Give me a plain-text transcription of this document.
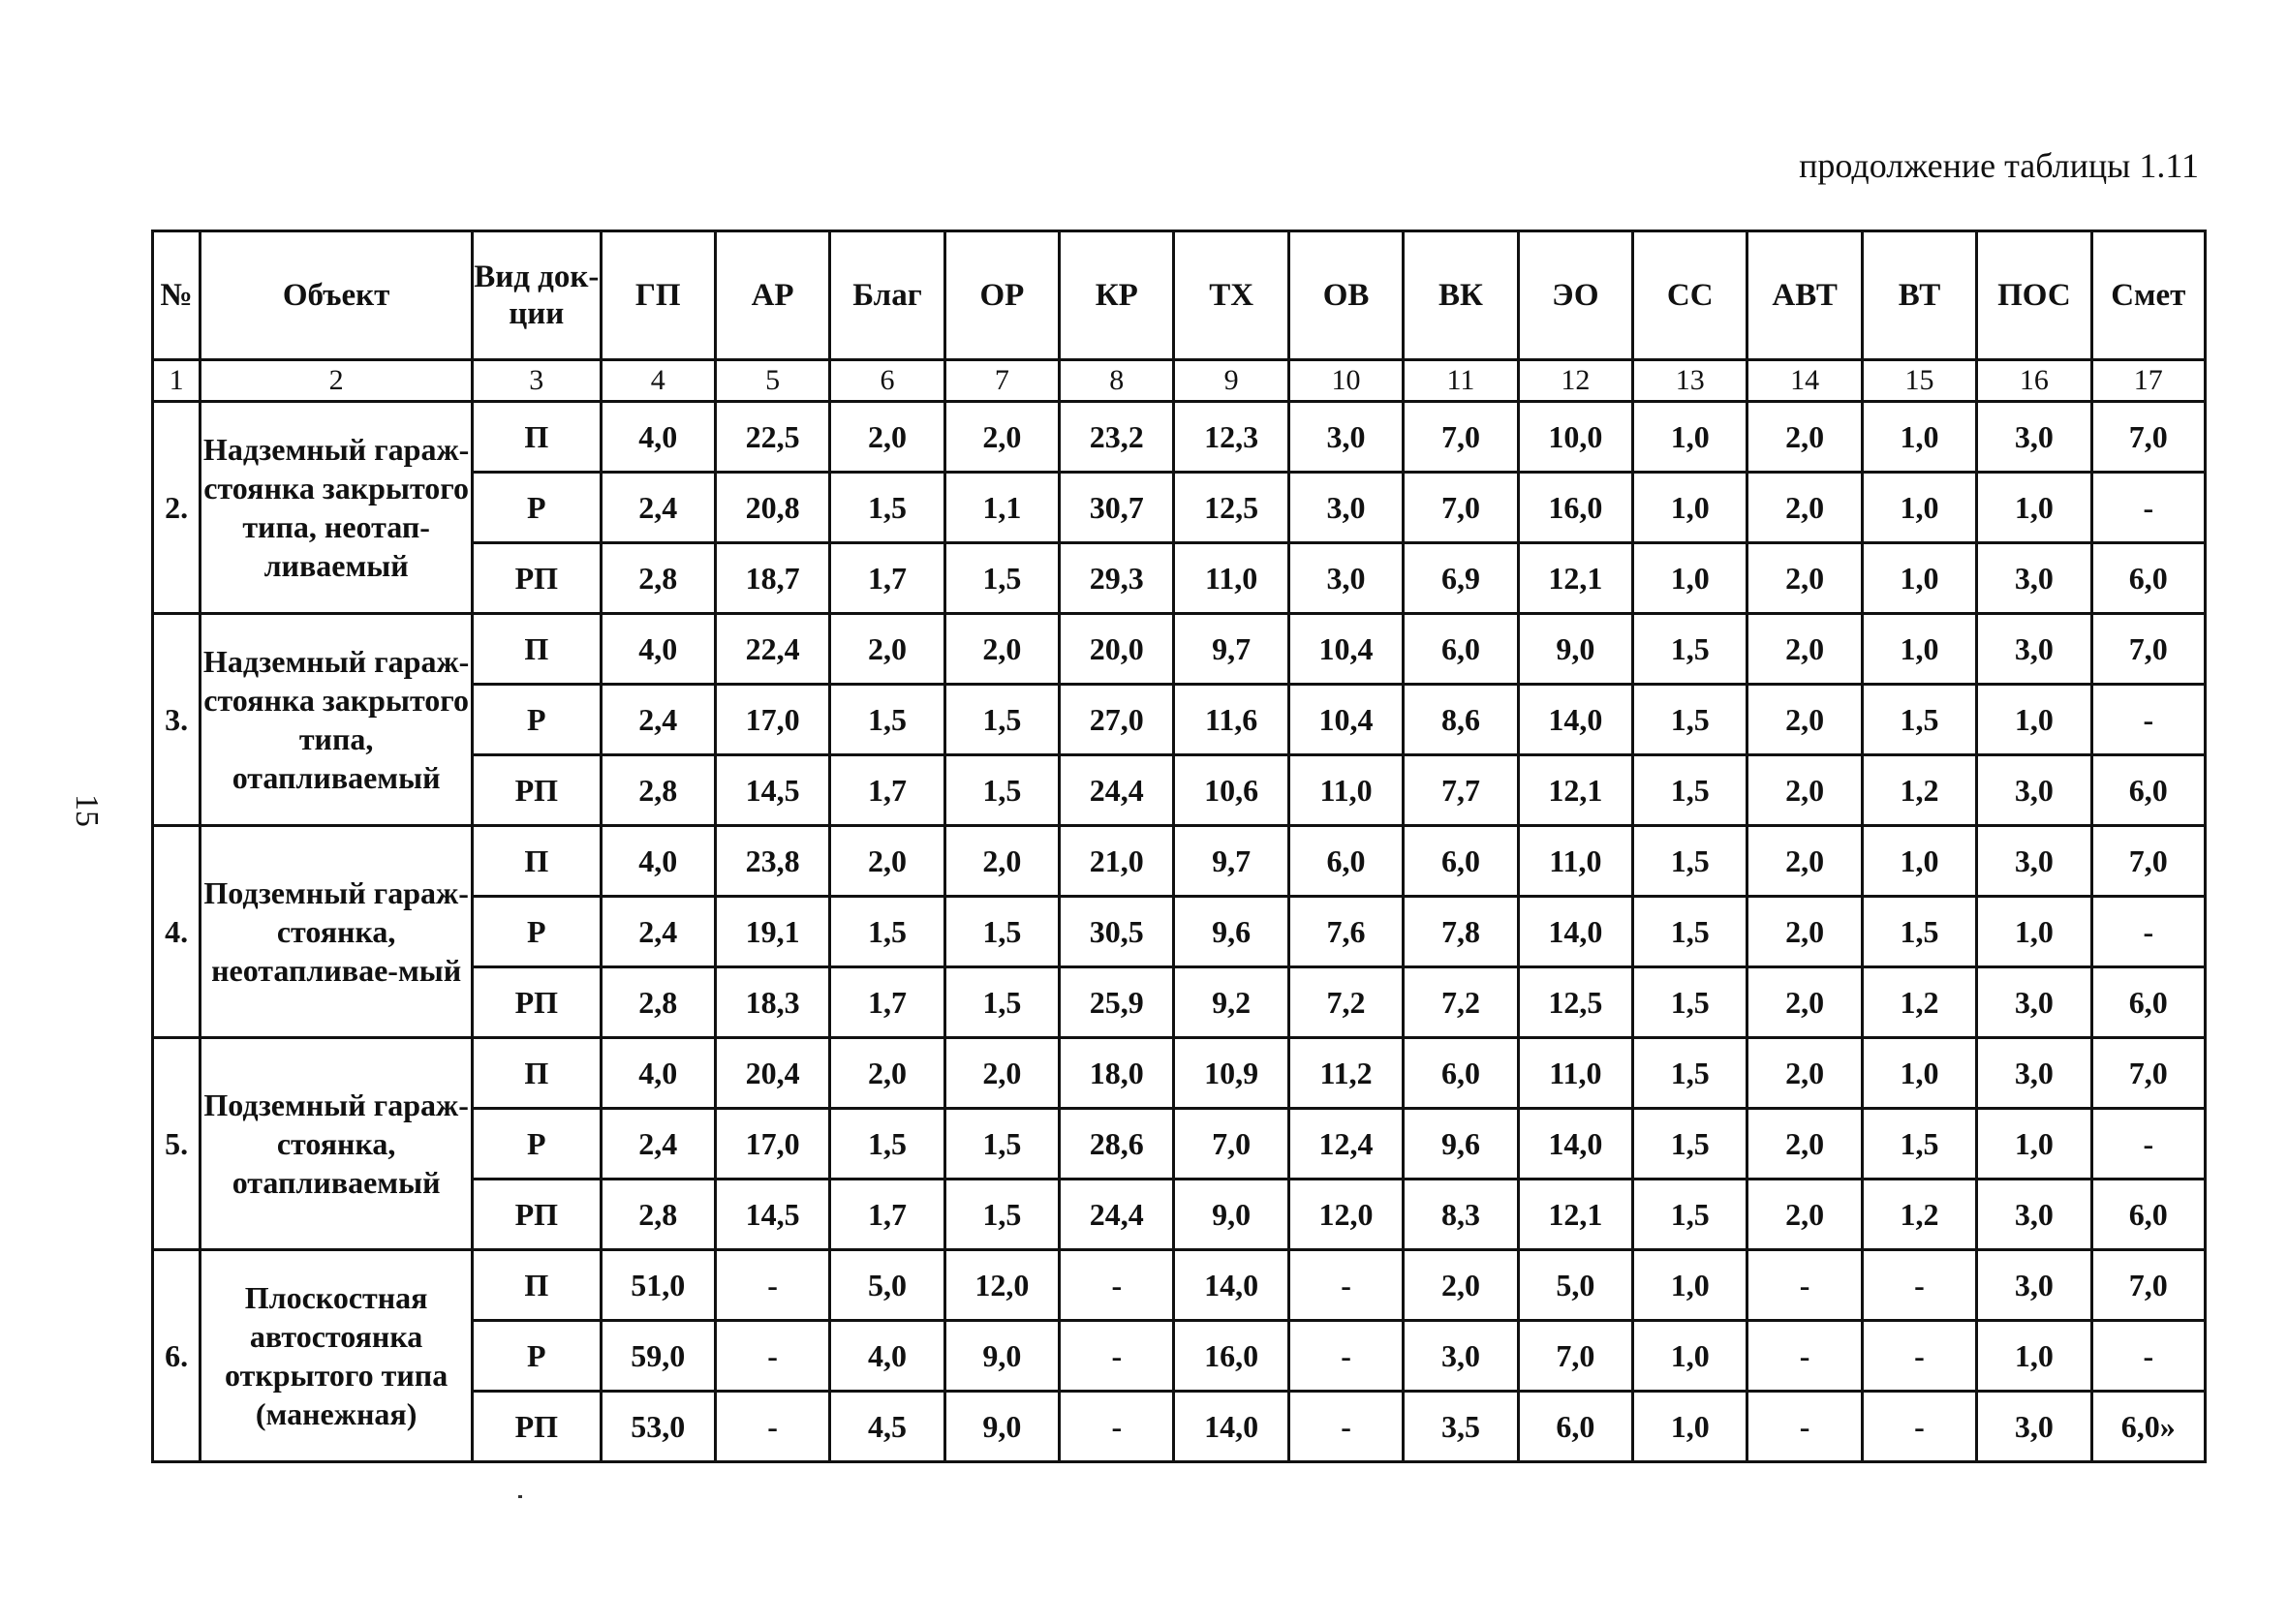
продолжение таблицы 1.11
15
№	Объект	Вид док-ции	ГП	АР	Благ	ОР	КР	ТХ	ОВ	ВК	ЭО	СС	АВТ	ВТ	ПОС	Смет
1	2	3	4	5	6	7	8	9	10	11	12	13	14	15	16	17
2.	Надземный гараж-стоянка закрытого типа, неотап-ливаемый	П	4,0	22,5	2,0	2,0	23,2	12,3	3,0	7,0	10,0	1,0	2,0	1,0	3,0	7,0
		Р	2,4	20,8	1,5	1,1	30,7	12,5	3,0	7,0	16,0	1,0	2,0	1,0	1,0	-
		РП	2,8	18,7	1,7	1,5	29,3	11,0	3,0	6,9	12,1	1,0	2,0	1,0	3,0	6,0
3.	Надземный гараж-стоянка закрытого типа, отапливаемый	П	4,0	22,4	2,0	2,0	20,0	9,7	10,4	6,0	9,0	1,5	2,0	1,0	3,0	7,0
		Р	2,4	17,0	1,5	1,5	27,0	11,6	10,4	8,6	14,0	1,5	2,0	1,5	1,0	-
		РП	2,8	14,5	1,7	1,5	24,4	10,6	11,0	7,7	12,1	1,5	2,0	1,2	3,0	6,0
4.	Подземный гараж-стоянка, неотапливае-мый	П	4,0	23,8	2,0	2,0	21,0	9,7	6,0	6,0	11,0	1,5	2,0	1,0	3,0	7,0
		Р	2,4	19,1	1,5	1,5	30,5	9,6	7,6	7,8	14,0	1,5	2,0	1,5	1,0	-
		РП	2,8	18,3	1,7	1,5	25,9	9,2	7,2	7,2	12,5	1,5	2,0	1,2	3,0	6,0
5.	Подземный гараж-стоянка, отапливаемый	П	4,0	20,4	2,0	2,0	18,0	10,9	11,2	6,0	11,0	1,5	2,0	1,0	3,0	7,0
		Р	2,4	17,0	1,5	1,5	28,6	7,0	12,4	9,6	14,0	1,5	2,0	1,5	1,0	-
		РП	2,8	14,5	1,7	1,5	24,4	9,0	12,0	8,3	12,1	1,5	2,0	1,2	3,0	6,0
6.	Плоскостная автостоянка открытого типа (манежная)	П	51,0	-	5,0	12,0	-	14,0	-	2,0	5,0	1,0	-	-	3,0	7,0
		Р	59,0	-	4,0	9,0	-	16,0	-	3,0	7,0	1,0	-	-	1,0	-
		РП	53,0	-	4,5	9,0	-	14,0	-	3,5	6,0	1,0	-	-	3,0	6,0»
